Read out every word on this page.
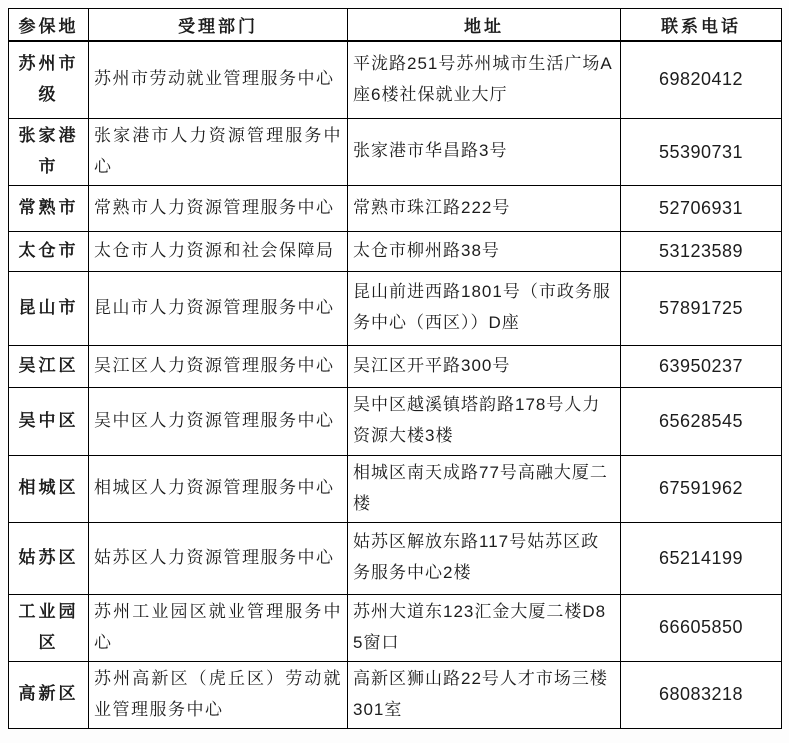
参保地	受理部门	地址	联系电话
苏州市级	苏州市劳动就业管理服务中心	平泷路251号苏州城市生活广场A座6楼社保就业大厅	69820412
张家港市	张家港市人力资源管理服务中心	张家港市华昌路3号	55390731
常熟市	常熟市人力资源管理服务中心	常熟市珠江路222号	52706931
太仓市	太仓市人力资源和社会保障局	太仓市柳州路38号	53123589
昆山市	昆山市人力资源管理服务中心	昆山前进西路1801号（市政务服务中心（西区））D座	57891725
吴江区	吴江区人力资源管理服务中心	吴江区开平路300号	63950237
吴中区	吴中区人力资源管理服务中心	吴中区越溪镇塔韵路178号人力资源大楼3楼	65628545
相城区	相城区人力资源管理服务中心	相城区南天成路77号高融大厦二楼	67591962
姑苏区	姑苏区人力资源管理服务中心	姑苏区解放东路117号姑苏区政务服务中心2楼	65214199
工业园区	苏州工业园区就业管理服务中心	苏州大道东123汇金大厦二楼D85窗口	66605850
高新区	苏州高新区（虎丘区）劳动就业管理服务中心	高新区狮山路22号人才市场三楼301室	68083218
